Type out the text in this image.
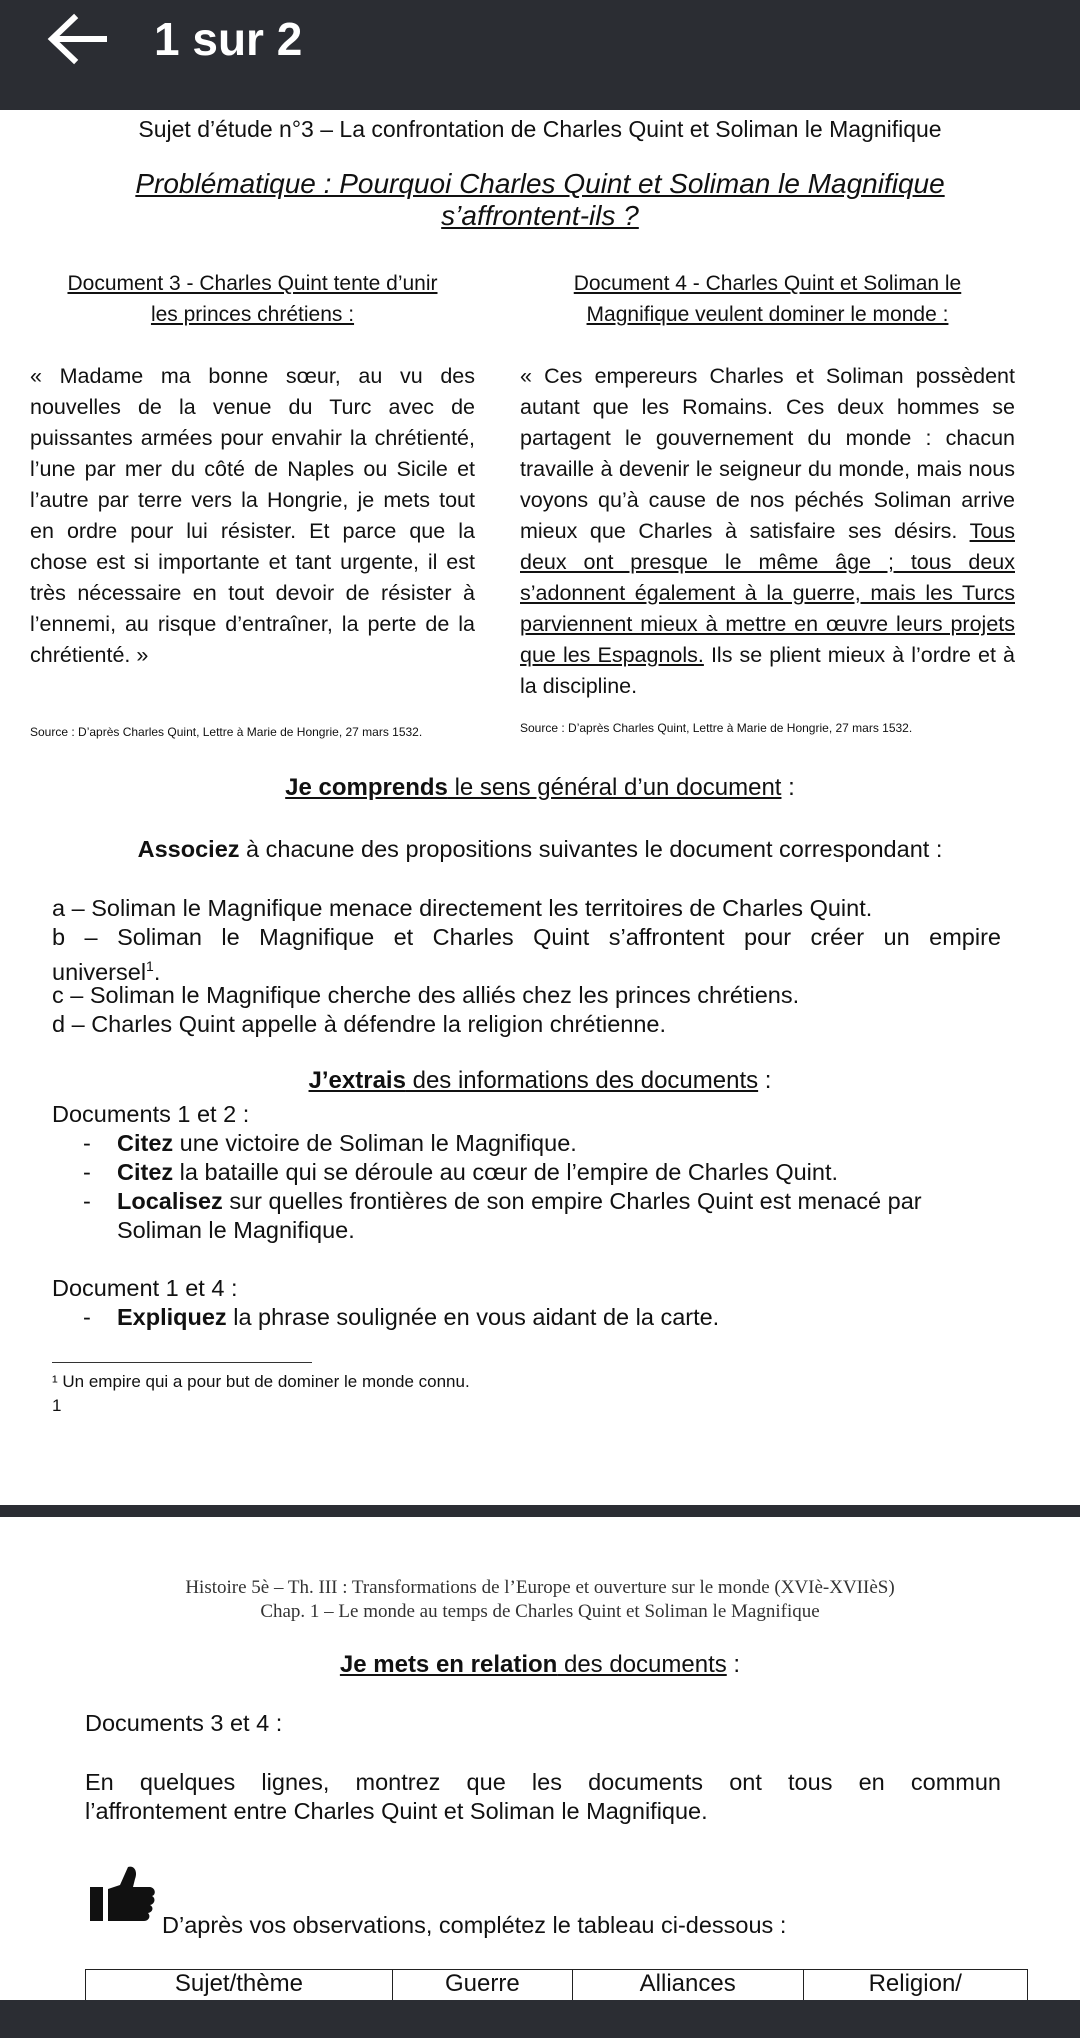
1 sur 2
Sujet d’étude n°3 – La confrontation de Charles Quint et Soliman le Magnifique
Problématique : Pourquoi Charles Quint et Soliman le Magnifique
s’affrontent-ils ?
Document 3 - Charles Quint tente d’unir
les princes chrétiens :
« Madame ma bonne sœur, au vu des nouvelles de la venue du Turc avec de puissantes armées pour envahir la chrétienté, l’une par mer du côté de Naples ou Sicile et l’autre par terre vers la Hongrie, je mets tout en ordre pour lui résister. Et parce que la chose est si importante et tant urgente, il est très nécessaire en tout devoir de résister à l’ennemi, au risque d’entraîner, la perte de la chrétienté. »
Source : D’après Charles Quint, Lettre à Marie de Hongrie, 27 mars 1532.
Document 4 - Charles Quint et Soliman le
Magnifique veulent dominer le monde :
« Ces empereurs Charles et Soliman possèdent autant que les Romains. Ces deux hommes se partagent le gouvernement du monde : chacun travaille à devenir le seigneur du monde, mais nous voyons qu’à cause de nos péchés Soliman arrive mieux que Charles à satisfaire ses désirs. Tous deux ont presque le même âge ; tous deux s’adonnent également à la guerre, mais les Turcs parviennent mieux à mettre en œuvre leurs projets que les Espagnols. Ils se plient mieux à l’ordre et à la discipline.
Source : D’après Charles Quint, Lettre à Marie de Hongrie, 27 mars 1532.
Je comprends le sens général d’un document :
Associez à chacune des propositions suivantes le document correspondant :
a – Soliman le Magnifique menace directement les territoires de Charles Quint.
b – Soliman le Magnifique et Charles Quint s’affrontent pour créer un empire
universel$^1$.
c – Soliman le Magnifique cherche des alliés chez les princes chrétiens.
d – Charles Quint appelle à défendre la religion chrétienne.
J’extrais des informations des documents :
Documents 1 et 2 :
- Citez une victoire de Soliman le Magnifique.
- Citez la bataille qui se déroule au cœur de l’empire de Charles Quint.
- Localisez sur quelles frontières de son empire Charles Quint est menacé par Soliman le Magnifique.
Document 1 et 4 :
- Expliquez la phrase soulignée en vous aidant de la carte.
¹ Un empire qui a pour but de dominer le monde connu.
1
Histoire 5è – Th. III : Transformations de l’Europe et ouverture sur le monde (XVIè-XVIIèS)
Chap. 1 – Le monde au temps de Charles Quint et Soliman le Magnifique
Je mets en relation des documents :
Documents 3 et 4 :
En quelques lignes, montrez que les documents ont tous en commun
l’affrontement entre Charles Quint et Soliman le Magnifique.
D’après vos observations, complétez le tableau ci-dessous :
Sujet/thème	Guerre	Alliances	Religion/
